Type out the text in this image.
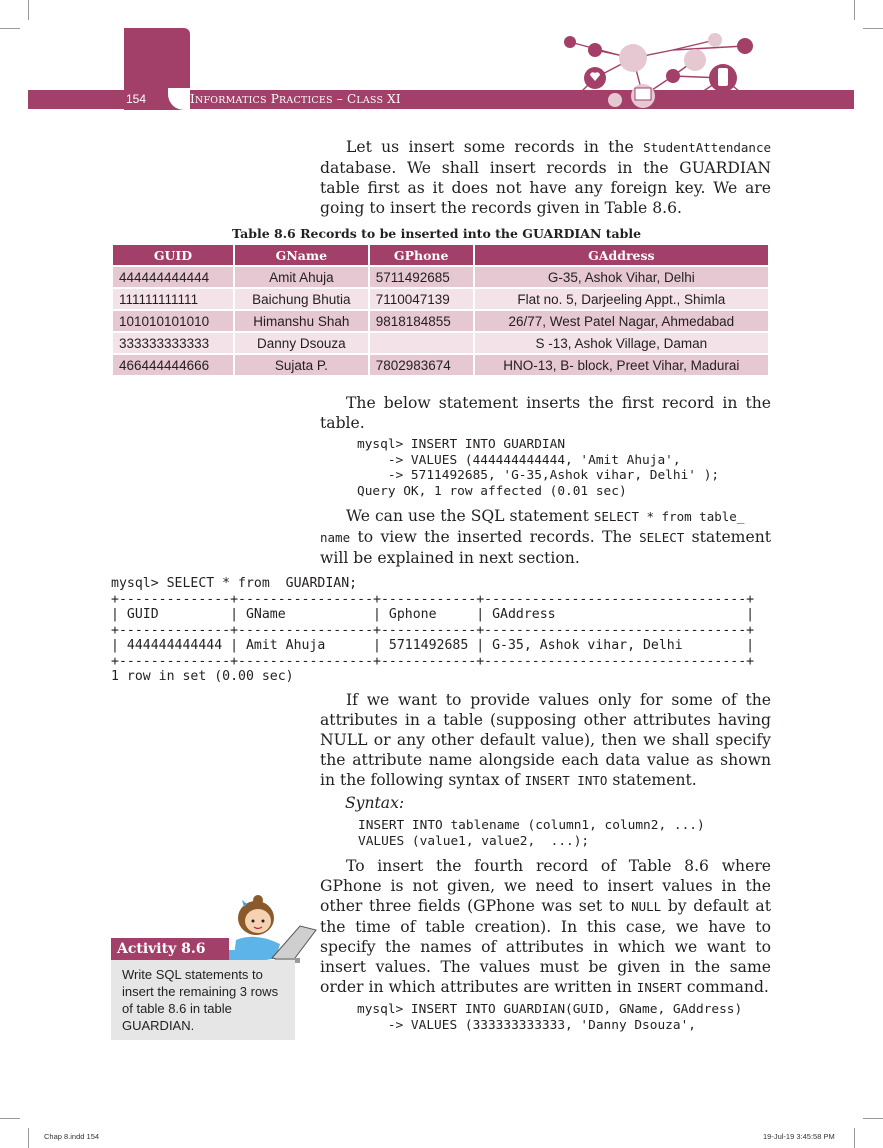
154	INFORMATICS PRACTICES – CLASS XI
Let us insert some records in the StudentAttendance database. We shall insert records in the GUARDIAN table first as it does not have any foreign key. We are going to insert the records given in Table 8.6.
Table 8.6 Records to be inserted into the GUARDIAN table
GUID	GName	GPhone	GAddress
444444444444	Amit Ahuja	5711492685	G-35, Ashok Vihar, Delhi
111111111111	Baichung Bhutia	7110047139	Flat no. 5, Darjeeling Appt., Shimla
101010101010	Himanshu Shah	9818184855	26/77, West Patel Nagar, Ahmedabad
333333333333	Danny Dsouza		S -13, Ashok Village, Daman
466444444666	Sujata P.	7802983674	HNO-13, B- block, Preet Vihar, Madurai
The below statement inserts the first record in the table.
mysql> INSERT INTO GUARDIAN
-> VALUES (444444444444, 'Amit Ahuja',
-> 5711492685, 'G-35,Ashok vihar, Delhi' );
Query OK, 1 row affected (0.01 sec)
We can use the SQL statement SELECT * from table_
name to view the inserted records. The SELECT statement will be explained in next section.
mysql> SELECT * from  GUARDIAN;
+--------------+-----------------+------------+---------------------------------+
| GUID         | GName           | Gphone     | GAddress                        |
+--------------+-----------------+------------+---------------------------------+
| 444444444444 | Amit Ahuja      | 5711492685 | G-35, Ashok vihar, Delhi        |
+--------------+-----------------+------------+---------------------------------+
1 row in set (0.00 sec)
If we want to provide values only for some of the attributes in a table (supposing other attributes having NULL or any other default value), then we shall specify the attribute name alongside each data value as shown in the following syntax of INSERT INTO statement.
Syntax:
INSERT INTO tablename (column1, column2, ...)
VALUES (value1, value2,  ...);
To insert the fourth record of Table 8.6 where GPhone is not given, we need to insert values in the other three fields (GPhone was set to NULL by default at the time of table creation). In this case, we have to specify the names of attributes in which we want to insert values. The values must be given in the same order in which attributes are written in INSERT command.
mysql> INSERT INTO GUARDIAN(GUID, GName, GAddress)
-> VALUES (333333333333, 'Danny Dsouza',
Activity 8.6
Write SQL statements to insert the remaining 3 rows of table 8.6 in table GUARDIAN.
Chap 8.indd 154	19-Jul-19 3:45:58 PM
